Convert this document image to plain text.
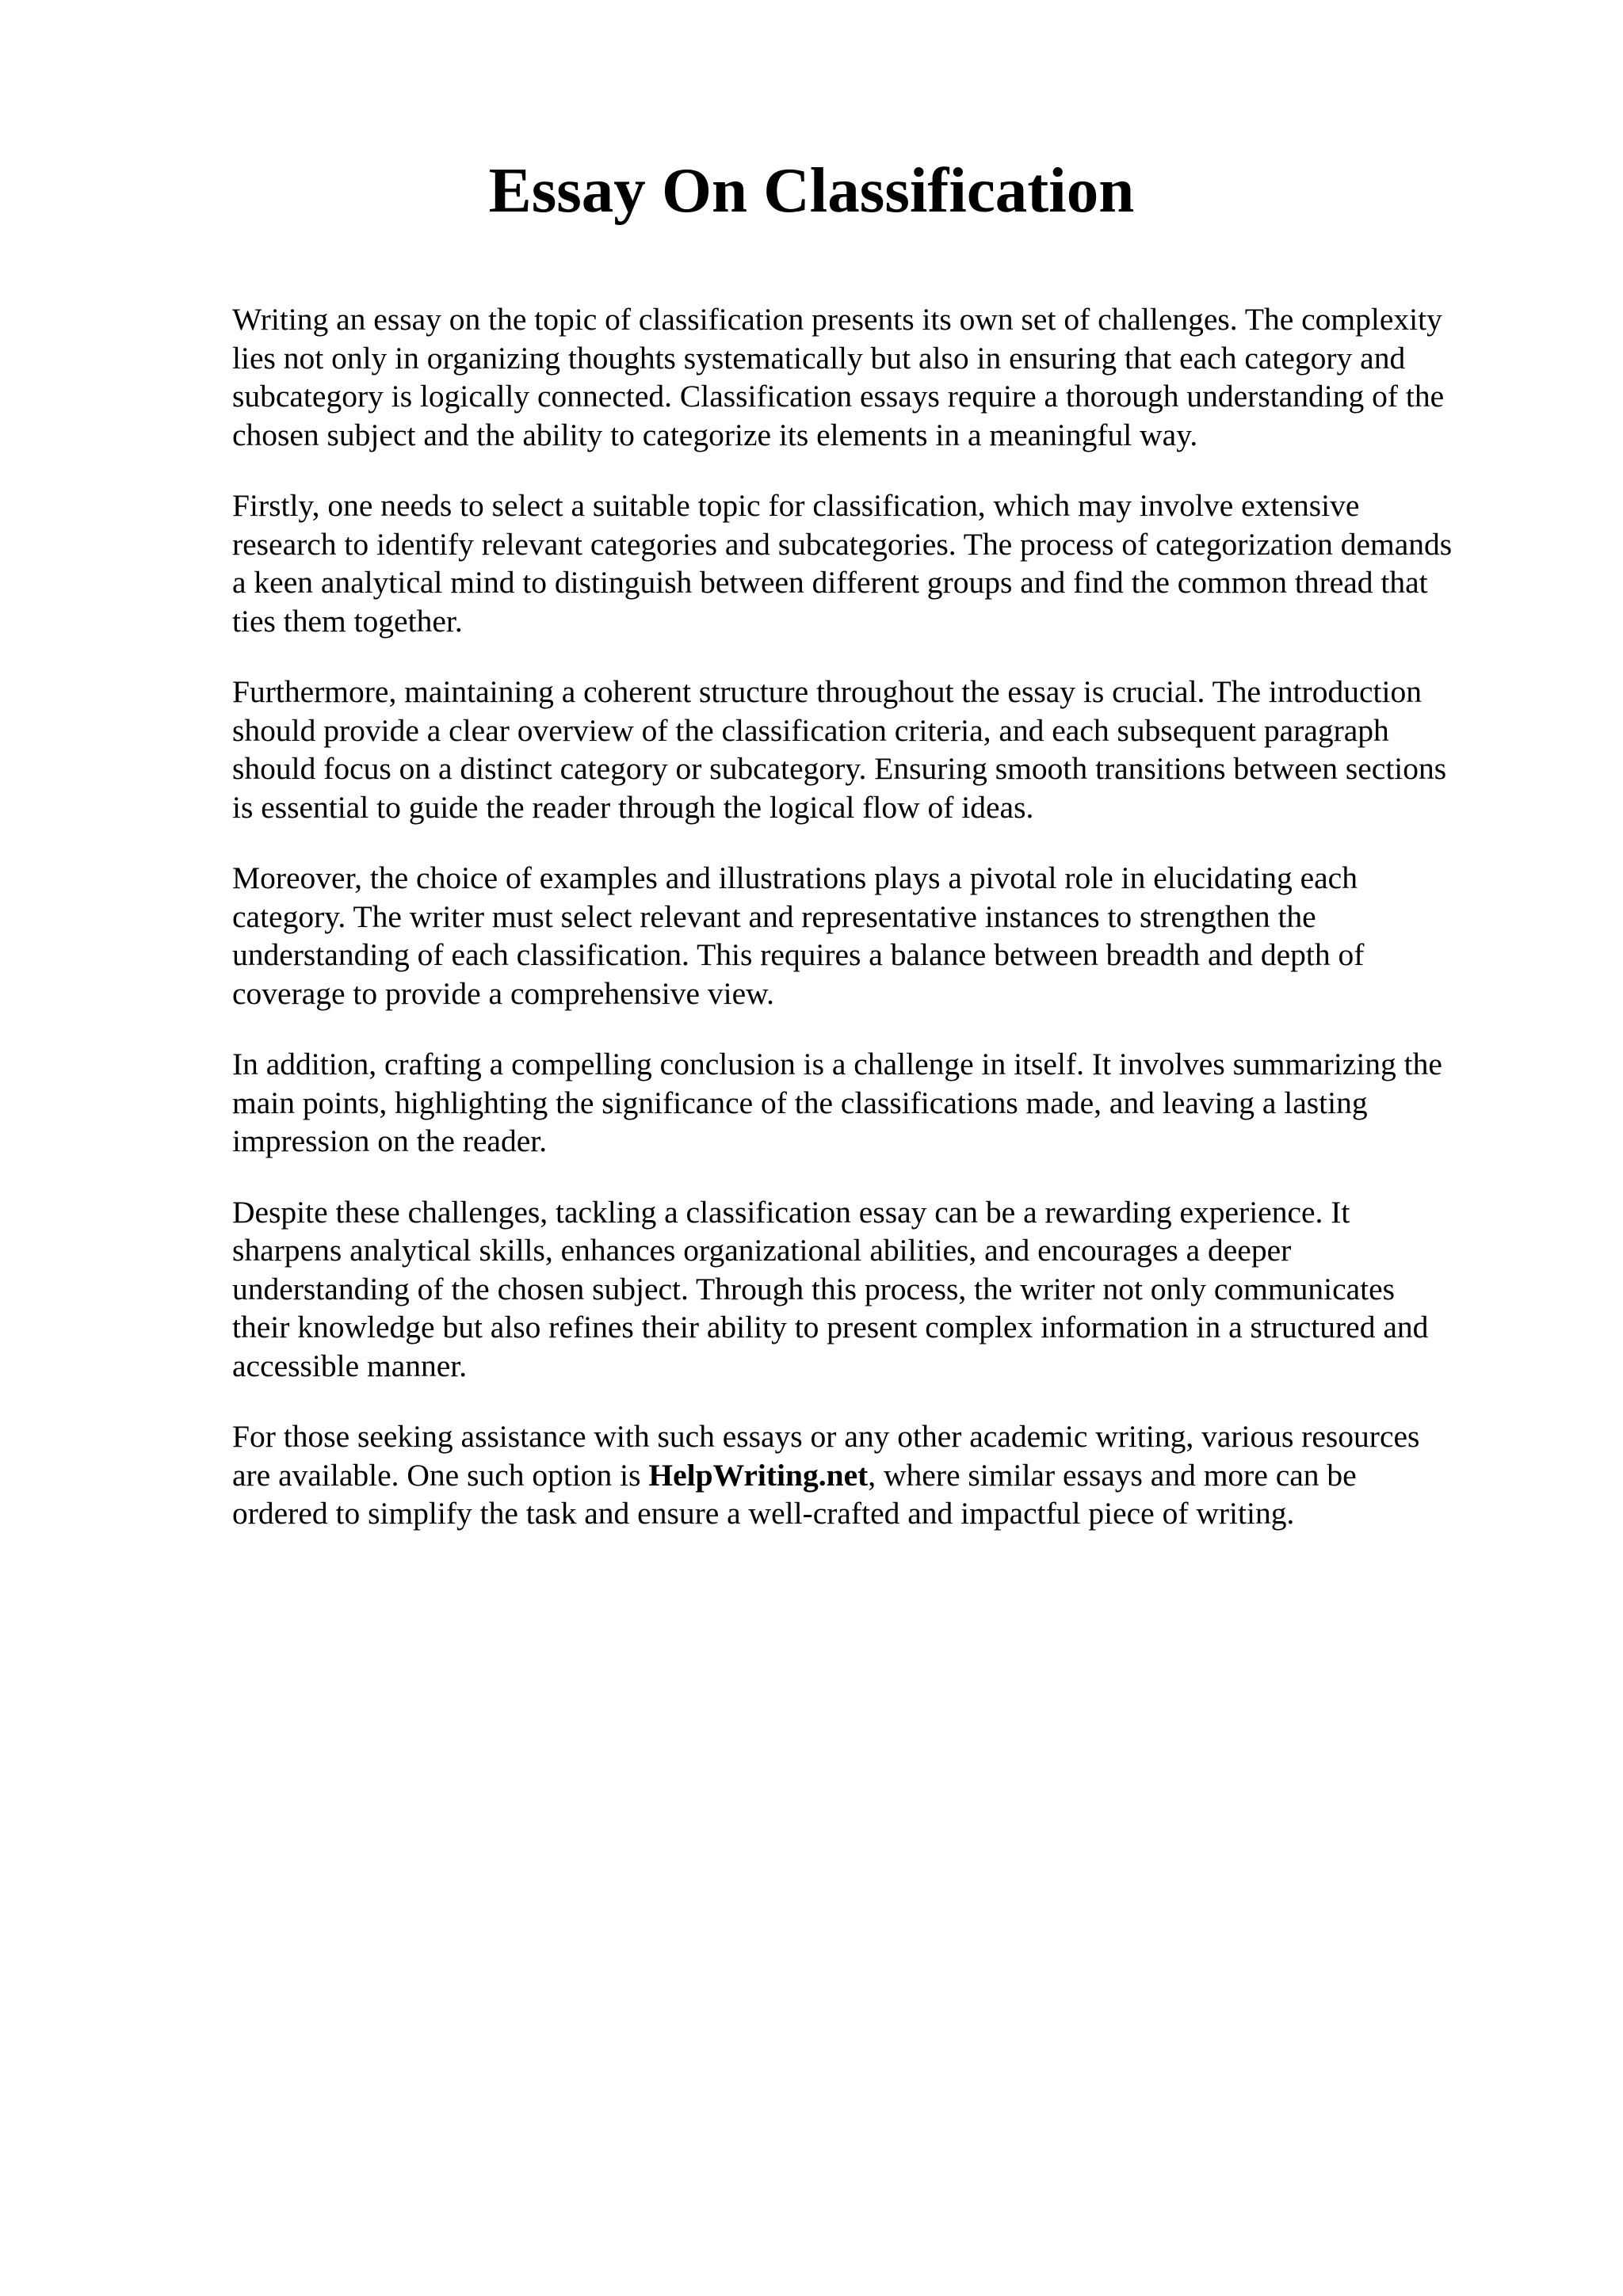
Essay On Classification

Writing an essay on the topic of classification presents its own set of challenges. The complexity
lies not only in organizing thoughts systematically but also in ensuring that each category and
subcategory is logically connected. Classification essays require a thorough understanding of the
chosen subject and the ability to categorize its elements in a meaningful way.

Firstly, one needs to select a suitable topic for classification, which may involve extensive
research to identify relevant categories and subcategories. The process of categorization demands
a keen analytical mind to distinguish between different groups and find the common thread that
ties them together.

Furthermore, maintaining a coherent structure throughout the essay is crucial. The introduction
should provide a clear overview of the classification criteria, and each subsequent paragraph
should focus on a distinct category or subcategory. Ensuring smooth transitions between sections
is essential to guide the reader through the logical flow of ideas.

Moreover, the choice of examples and illustrations plays a pivotal role in elucidating each
category. The writer must select relevant and representative instances to strengthen the
understanding of each classification. This requires a balance between breadth and depth of
coverage to provide a comprehensive view.

In addition, crafting a compelling conclusion is a challenge in itself. It involves summarizing the
main points, highlighting the significance of the classifications made, and leaving a lasting
impression on the reader.

Despite these challenges, tackling a classification essay can be a rewarding experience. It
sharpens analytical skills, enhances organizational abilities, and encourages a deeper
understanding of the chosen subject. Through this process, the writer not only communicates
their knowledge but also refines their ability to present complex information in a structured and
accessible manner.

For those seeking assistance with such essays or any other academic writing, various resources
are available. One such option is HelpWriting.net, where similar essays and more can be
ordered to simplify the task and ensure a well-crafted and impactful piece of writing.
